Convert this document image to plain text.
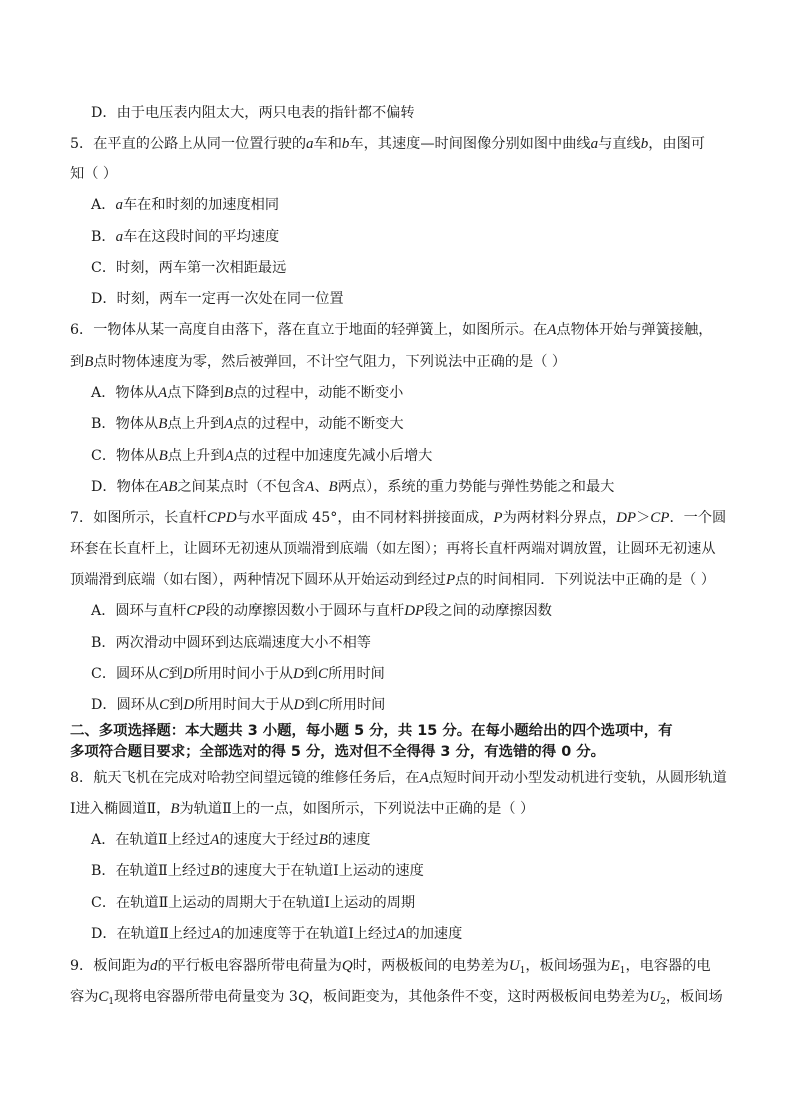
D．由于电压表内阻太大，两只电表的指针都不偏转

5．在平直的公路上从同一位置行驶的a车和b车，其速度—时间图像分别如图中曲线a与直线b，由图可

知（ ）

A．a车在和时刻的加速度相同

B．a车在这段时间的平均速度

C．时刻，两车第一次相距最远

D．时刻，两车一定再一次处在同一位置

6．一物体从某一高度自由落下，落在直立于地面的轻弹簧上，如图所示。在A点物体开始与弹簧接触，

到B点时物体速度为零，然后被弹回，不计空气阻力，下列说法中正确的是（ ）

A．物体从A点下降到B点的过程中，动能不断变小

B．物体从B点上升到A点的过程中，动能不断变大

C．物体从B点上升到A点的过程中加速度先减小后增大

D．物体在AB之间某点时（不包含A、B两点），系统的重力势能与弹性势能之和最大

7．如图所示，长直杆CPD与水平面成 45°，由不同材料拼接面成，P为两材料分界点，DP＞CP．一个圆

环套在长直杆上，让圆环无初速从顶端滑到底端（如左图）；再将长直杆两端对调放置，让圆环无初速从

顶端滑到底端（如右图），两种情况下圆环从开始运动到经过P点的时间相同．下列说法中正确的是（ ）

A．圆环与直杆CP段的动摩擦因数小于圆环与直杆DP段之间的动摩擦因数

B．两次滑动中圆环到达底端速度大小不相等

C．圆环从C到D所用时间小于从D到C所用时间

D．圆环从C到D所用时间大于从D到C所用时间

二、多项选择题：本大题共 3 小题，每小题 5 分，共 15 分。在每小题给出的四个选项中，有

多项符合题目要求；全部选对的得 5 分，选对但不全得得 3 分，有选错的得 0 分。

8．航天飞机在完成对哈勃空间望远镜的维修任务后，在A点短时间开动小型发动机进行变轨，从圆形轨道

Ⅰ进入椭圆道Ⅱ，B为轨道Ⅱ上的一点，如图所示，下列说法中正确的是（ ）

A．在轨道Ⅱ上经过A的速度大于经过B的速度

B．在轨道Ⅱ上经过B的速度大于在轨道Ⅰ上运动的速度

C．在轨道Ⅱ上运动的周期大于在轨道Ⅰ上运动的周期

D．在轨道Ⅱ上经过A的加速度等于在轨道Ⅰ上经过A的加速度

9．板间距为d的平行板电容器所带电荷量为Q时，两极板间的电势差为$U_1$，板间场强为$E_1$，电容器的电

容为$C_1$现将电容器所带电荷量变为 3Q，板间距变为，其他条件不变，这时两极板间电势差为$U_2$，板间场
